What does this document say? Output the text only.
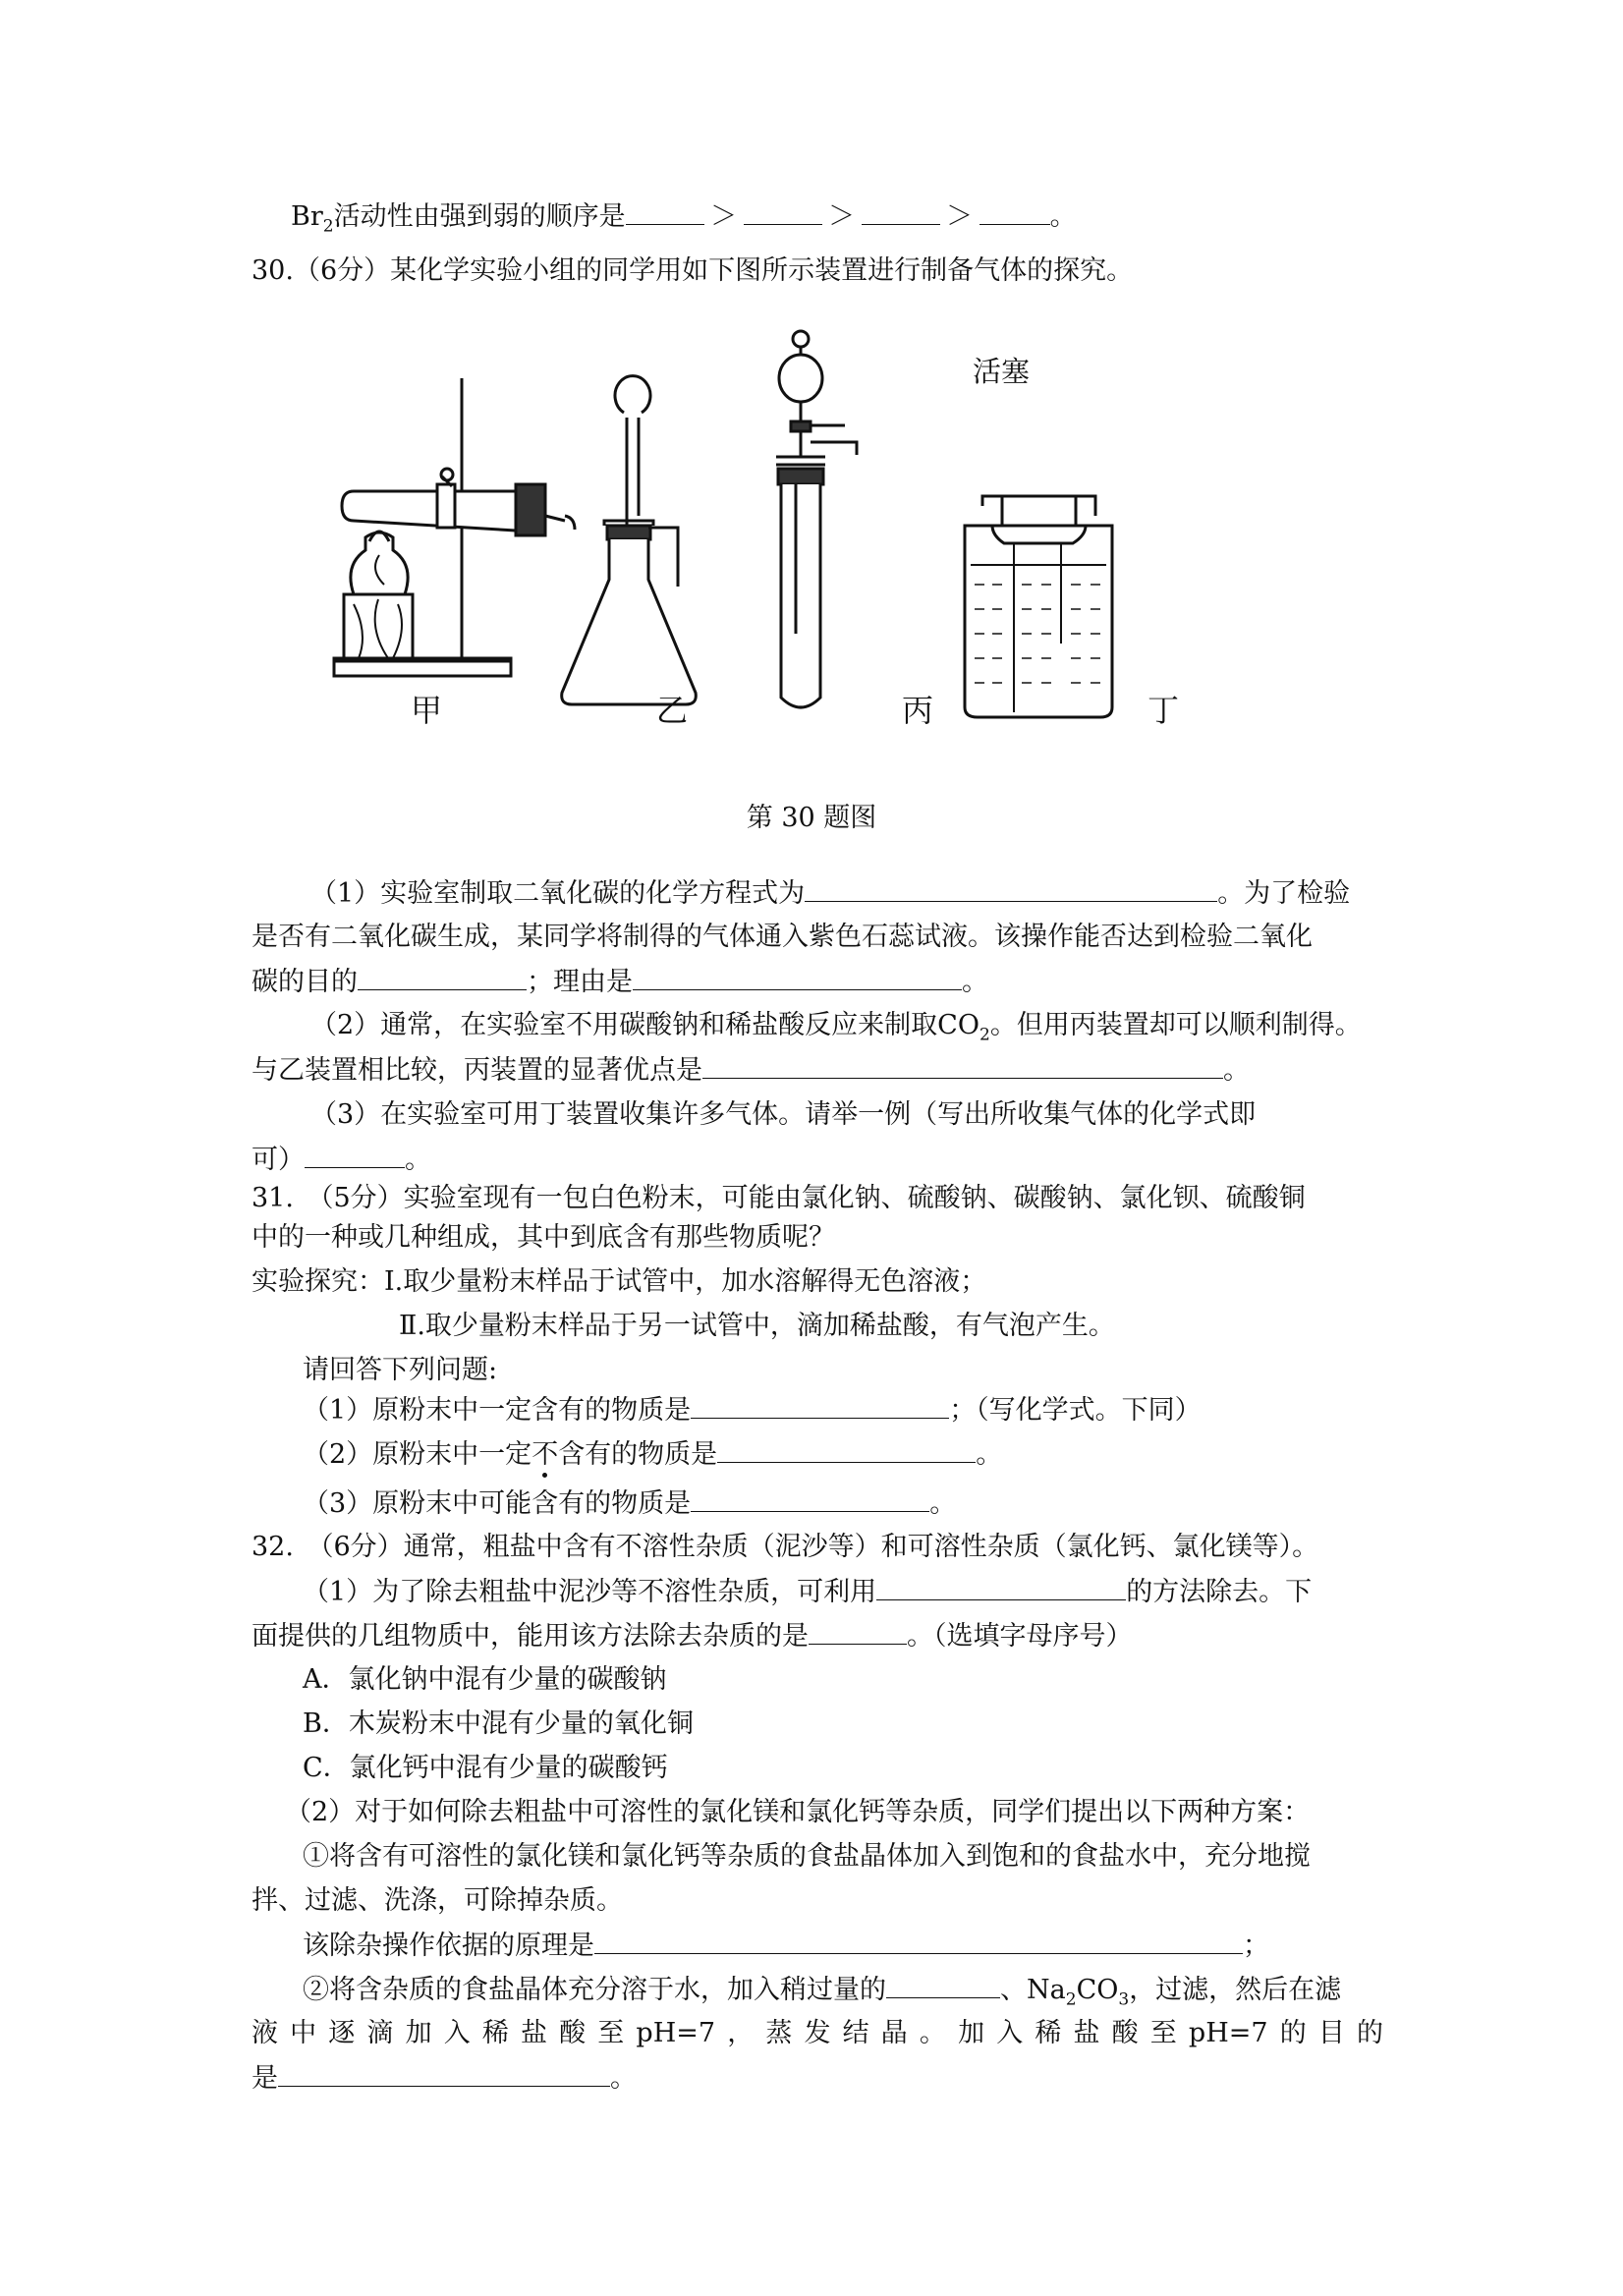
$Br_2$活动性由强到弱的顺序是	＞	＞	＞	。
30.（6分）某化学实验小组的同学用如下图所示装置进行制备气体的探究。
活塞
甲	乙	丙	丁
第 30 题图
（1）实验室制取二氧化碳的化学方程式为	。为了检验
是否有二氧化碳生成，某同学将制得的气体通入紫色石蕊试液。该操作能否达到检验二氧化
碳的目的	；理由是	。
（2）通常，在实验室不用碳酸钠和稀盐酸反应来制取$CO_2$。但用丙装置却可以顺利制得。
与乙装置相比较，丙装置的显著优点是	。
（3）在实验室可用丁装置收集许多气体。请举一例（写出所收集气体的化学式即
可）	。
31.　（5分）实验室现有一包白色粉末，可能由氯化钠、硫酸钠、碳酸钠、氯化钡、硫酸铜
中的一种或几种组成，其中到底含有那些物质呢？
实验探究：Ⅰ.取少量粉末样品于试管中，加水溶解得无色溶液；
Ⅱ.取少量粉末样品于另一试管中，滴加稀盐酸，有气泡产生。
请回答下列问题:
（1）原粉末中一定含有的物质是	；（写化学式。下同）
（2）原粉末中一定不含有的物质是	。
（3）原粉末中可能含有的物质是	。
32.　（6分）通常，粗盐中含有不溶性杂质（泥沙等）和可溶性杂质（氯化钙、氯化镁等）。
（1）为了除去粗盐中泥沙等不溶性杂质，可利用	的方法除去。下
面提供的几组物质中，能用该方法除去杂质的是	。（选填字母序号）
A．氯化钠中混有少量的碳酸钠
B．木炭粉末中混有少量的氧化铜
C．氯化钙中混有少量的碳酸钙
（2）对于如何除去粗盐中可溶性的氯化镁和氯化钙等杂质，同学们提出以下两种方案：
①将含有可溶性的氯化镁和氯化钙等杂质的食盐晶体加入到饱和的食盐水中，充分地搅
拌、过滤、洗涤，可除掉杂质。
该除杂操作依据的原理是	；
②将含杂质的食盐晶体充分溶于水，加入稍过量的	、$Na_2CO_3$，过滤，然后在滤
液中逐滴加入稀盐酸至pH=7，蒸发结晶。加入稀盐酸至pH=7的目的
是	。
